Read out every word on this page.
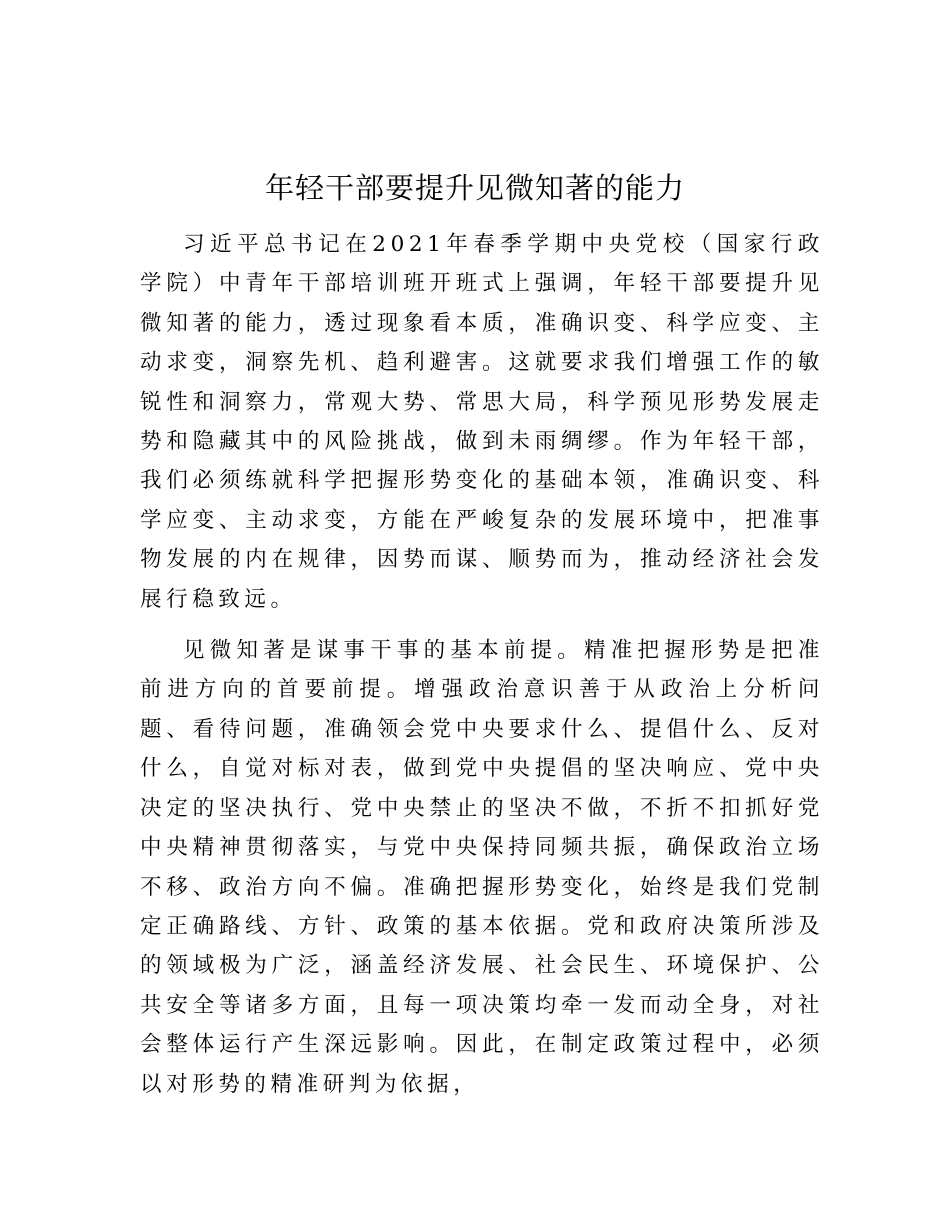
年轻干部要提升见微知著的能力

习近平总书记在2021年春季学期中央党校（国家行政学院）中青年干部培训班开班式上强调，年轻干部要提升见微知著的能力，透过现象看本质，准确识变、科学应变、主动求变，洞察先机、趋利避害。这就要求我们增强工作的敏锐性和洞察力，常观大势、常思大局，科学预见形势发展走势和隐藏其中的风险挑战，做到未雨绸缪。作为年轻干部，我们必须练就科学把握形势变化的基础本领，准确识变、科学应变、主动求变，方能在严峻复杂的发展环境中，把准事物发展的内在规律，因势而谋、顺势而为，推动经济社会发展行稳致远。

见微知著是谋事干事的基本前提。精准把握形势是把准前进方向的首要前提。增强政治意识善于从政治上分析问题、看待问题，准确领会党中央要求什么、提倡什么、反对什么，自觉对标对表，做到党中央提倡的坚决响应、党中央决定的坚决执行、党中央禁止的坚决不做，不折不扣抓好党中央精神贯彻落实，与党中央保持同频共振，确保政治立场不移、政治方向不偏。准确把握形势变化，始终是我们党制定正确路线、方针、政策的基本依据。党和政府决策所涉及的领域极为广泛，涵盖经济发展、社会民生、环境保护、公共安全等诸多方面，且每一项决策均牵一发而动全身，对社会整体运行产生深远影响。因此，在制定政策过程中，必须以对形势的精准研判为依据，
